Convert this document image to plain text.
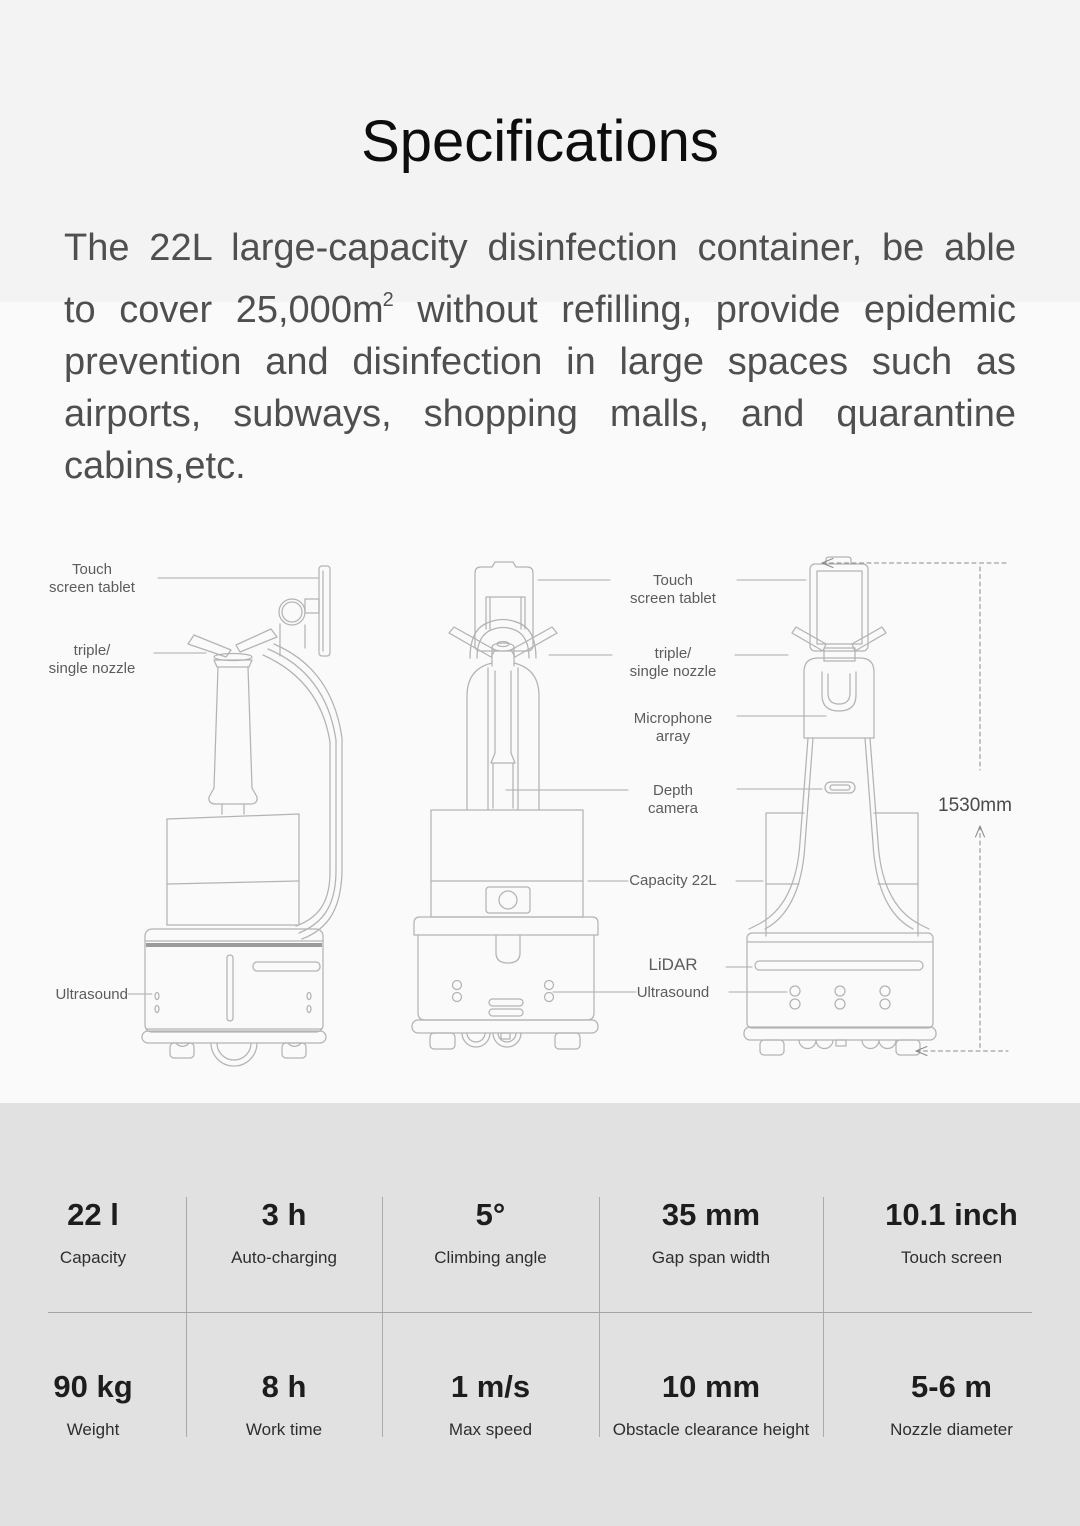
Specifications
The 22L large-capacity disinfection container, be able
to cover $25,000m^2$ without refilling, provide epidemic
prevention and disinfection in large spaces such as
airports, subways, shopping malls, and quarantine
cabins,etc.
Touch
screen tablet
triple/
single nozzle
Ultrasound
Touch
screen tablet
triple/
single nozzle
Microphone
array
Depth
camera
Capacity 22L
LiDAR
Ultrasound
1530mm
22 l
Capacity
3 h
Auto-charging
5°
Climbing angle
35 mm
Gap span width
10.1 inch
Touch screen
90 kg
Weight
8 h
Work time
1 m/s
Max speed
10 mm
Obstacle clearance height
5-6 m
Nozzle diameter
